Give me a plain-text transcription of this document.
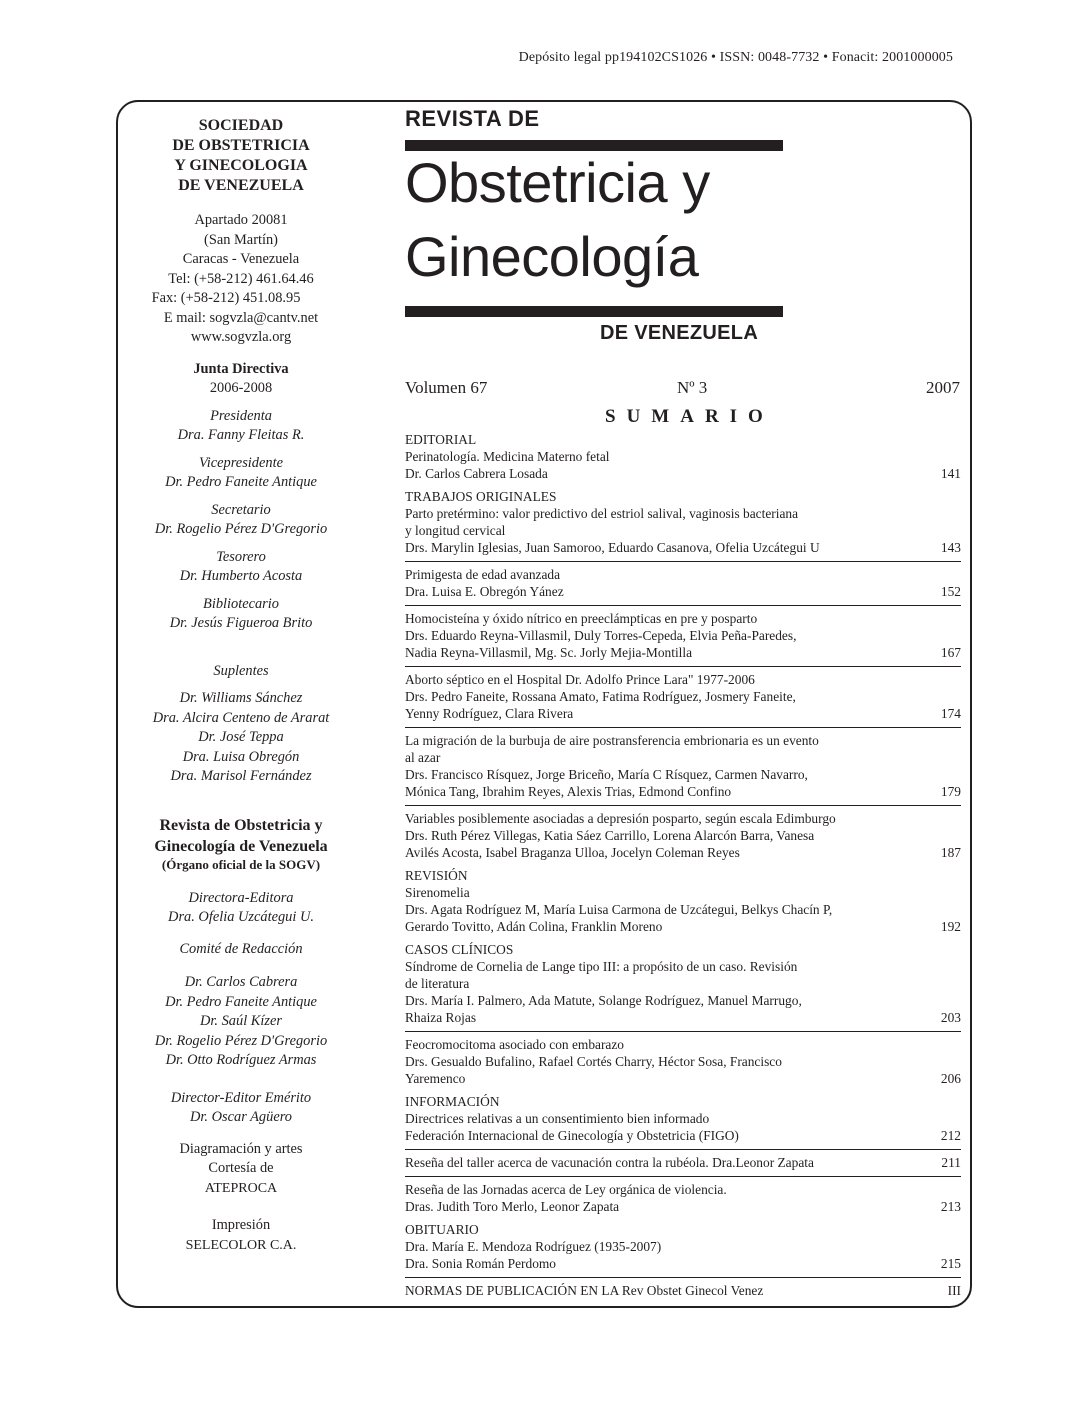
Depósito legal pp194102CS1026 • ISSN: 0048-7732 • Fonacit: 2001000005
SOCIEDAD
DE OBSTETRICIA
Y GINECOLOGIA
DE VENEZUELA
Apartado 20081
(San Martín)
Caracas - Venezuela
Tel: (+58-212) 461.64.46
Fax: (+58-212) 451.08.95
E mail: sogvzla@cantv.net
www.sogvzla.org
Junta Directiva
2006-2008
Presidenta
Dra. Fanny Fleitas R.
Vicepresidente
Dr. Pedro Faneite Antique
Secretario
Dr. Rogelio Pérez D'Gregorio
Tesorero
Dr. Humberto Acosta
Bibliotecario
Dr. Jesús Figueroa Brito
Suplentes
Dr. Williams Sánchez
Dra. Alcira Centeno de Ararat
Dr. José Teppa
Dra. Luisa Obregón
Dra. Marisol Fernández
Revista de Obstetricia y
Ginecología de Venezuela
(Órgano oficial de la SOGV)
Directora-Editora
Dra. Ofelia Uzcátegui U.
Comité de Redacción
Dr. Carlos Cabrera
Dr. Pedro Faneite Antique
Dr. Saúl Kízer
Dr. Rogelio Pérez D'Gregorio
Dr. Otto Rodríguez Armas
Director-Editor Emérito
Dr. Oscar Agüero
Diagramación y artes
Cortesía de
ATEPROCA
Impresión
SELECOLOR C.A.
REVISTA DE
Obstetricia y
Ginecología
DE VENEZUELA
Volumen 67	Nº 3	2007
SUMARIO
EDITORIAL
Perinatología. Medicina Materno fetal
Dr. Carlos Cabrera Losada	141
TRABAJOS ORIGINALES
Parto pretérmino: valor predictivo del estriol salival, vaginosis bacteriana
y longitud cervical
Drs. Marylin Iglesias, Juan Samoroo, Eduardo Casanova, Ofelia Uzcátegui U	143
Primigesta de edad avanzada
Dra. Luisa E. Obregón Yánez	152
Homocisteína y óxido nítrico en preeclámpticas en pre y posparto
Drs. Eduardo Reyna-Villasmil, Duly Torres-Cepeda, Elvia Peña-Paredes,
Nadia Reyna-Villasmil, Mg. Sc. Jorly Mejia-Montilla	167
Aborto séptico en el Hospital Dr. Adolfo Prince Lara" 1977-2006
Drs. Pedro Faneite, Rossana Amato, Fatima Rodríguez, Josmery Faneite,
Yenny Rodríguez, Clara Rivera	174
La migración de la burbuja de aire postransferencia embrionaria es un evento
al azar
Drs. Francisco Rísquez, Jorge Briceño, María C Rísquez, Carmen Navarro,
Mónica Tang, Ibrahim Reyes, Alexis Trias, Edmond Confino	179
Variables posiblemente asociadas a depresión posparto, según escala Edimburgo
Drs. Ruth Pérez Villegas, Katia Sáez Carrillo, Lorena Alarcón Barra, Vanesa
Avilés Acosta, Isabel Braganza Ulloa, Jocelyn Coleman Reyes	187
REVISIÓN
Sirenomelia
Drs. Agata Rodríguez M, María Luisa Carmona de Uzcátegui, Belkys Chacín P,
Gerardo Tovitto, Adán Colina, Franklin Moreno	192
CASOS CLÍNICOS
Síndrome de Cornelia de Lange tipo III: a propósito de un caso. Revisión
de literatura
Drs. María I. Palmero, Ada Matute, Solange Rodríguez, Manuel Marrugo,
Rhaiza Rojas	203
Feocromocitoma asociado con embarazo
Drs. Gesualdo Bufalino, Rafael Cortés Charry, Héctor Sosa, Francisco
Yaremenco	206
INFORMACIÓN
Directrices relativas a un consentimiento bien informado
Federación Internacional de Ginecología y Obstetricia (FIGO)	212
Reseña del taller acerca de vacunación contra la rubéola. Dra.Leonor Zapata	211
Reseña de las Jornadas acerca de Ley orgánica de violencia.
Dras. Judith Toro Merlo, Leonor Zapata	213
OBITUARIO
Dra. María E. Mendoza Rodríguez (1935-2007)
Dra. Sonia Román Perdomo	215
NORMAS DE PUBLICACIÓN EN LA Rev Obstet Ginecol Venez	III
